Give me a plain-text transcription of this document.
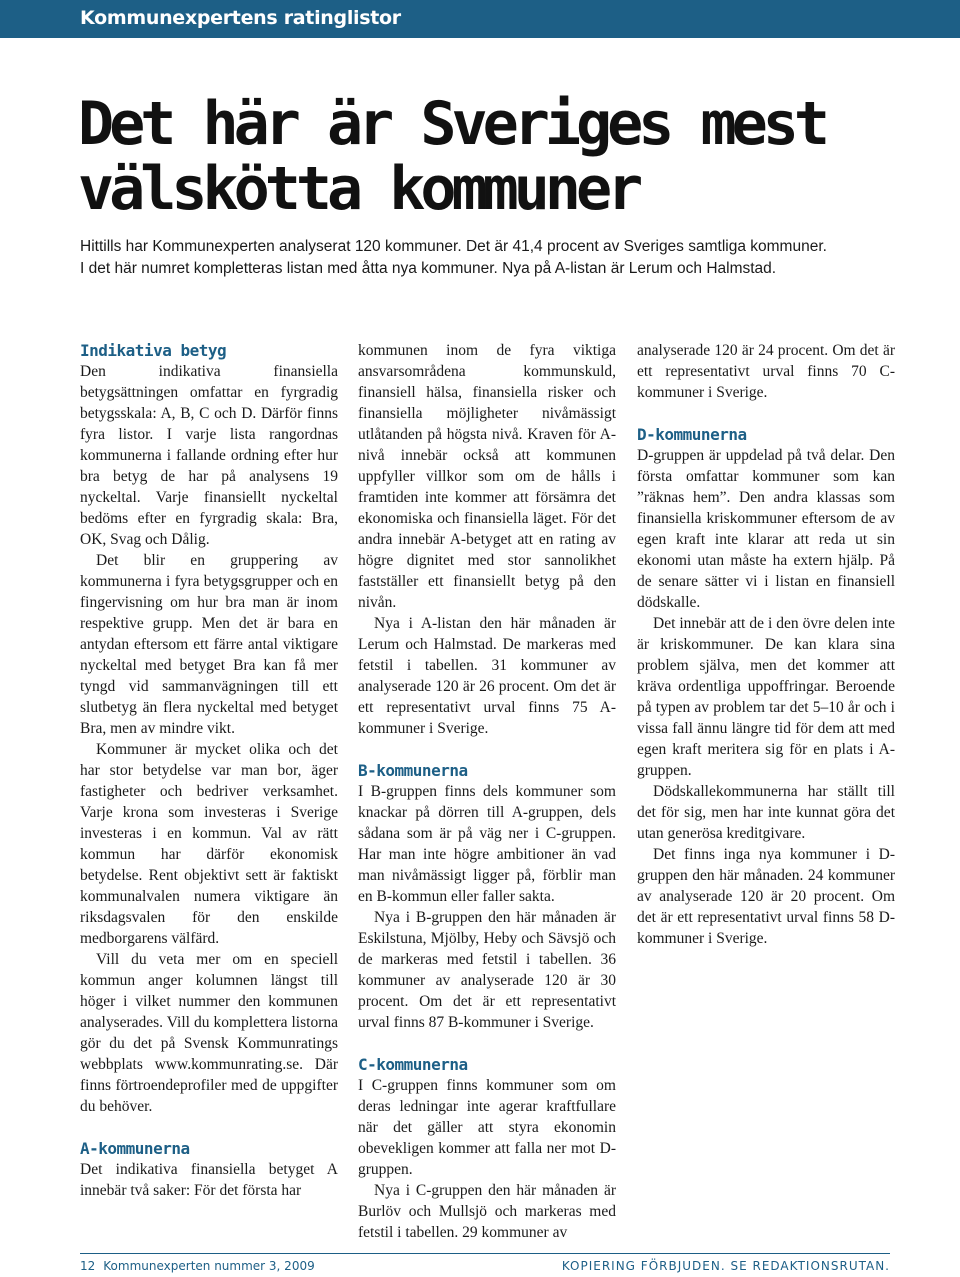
Kommunexpertens ratinglistor
Det här är Sveriges mest
välskötta kommuner
Hittills har Kommunexperten analyserat 120 kommuner. Det är 41,4 procent av Sveriges samtliga kommuner.
I det här numret kompletteras listan med åtta nya kommuner. Nya på A-listan är Lerum och Halmstad.
Indikativa betyg

Den indikativa finansiella betygsättningen omfattar en fyrgradig betygsskala: A, B, C och D. Därför finns fyra listor. I varje lista rangordnas kommunerna i fallande ordning efter hur bra betyg de har på analysens 19 nyckeltal. Varje finansiellt nyckeltal bedöms efter en fyrgradig skala: Bra, OK, Svag och Dålig.

Det blir en gruppering av kommunerna i fyra betygsgrupper och en fingervisning om hur bra man är inom respektive grupp. Men det är bara en antydan eftersom ett färre antal viktigare nyckeltal med betyget Bra kan få mer tyngd vid sammanvägningen till ett slutbetyg än flera nyckeltal med betyget Bra, men av mindre vikt.

Kommuner är mycket olika och det har stor betydelse var man bor, äger fastigheter och bedriver verksamhet. Varje krona som investeras i Sverige investeras i en kommun. Val av rätt kommun har därför ekonomisk betydelse. Rent objektivt sett är faktiskt kommunalvalen numera viktigare än riksdagsvalen för den enskilde medborgarens välfärd.

Vill du veta mer om en speciell kommun anger kolumnen längst till höger i vilket nummer den kommunen analyserades. Vill du komplettera listorna gör du det på Svensk Kommunratings webbplats www.kommunrating.se. Där finns förtroendeprofiler med de uppgifter du behöver.

A-kommunerna

Det indikativa finansiella betyget A innebär två saker: För det första har

kommunen inom de fyra viktiga ansvarsområdena kommunskuld, finansiell hälsa, finansiella risker och finansiella möjligheter nivåmässigt utlåtanden på högsta nivå. Kraven för A-nivå innebär också att kommunen uppfyller villkor som om de hålls i framtiden inte kommer att försämra det ekonomiska och finansiella läget. För det andra innebär A-betyget att en rating av högre dignitet med stor sannolikhet fastställer ett finansiellt betyg på den nivån.

Nya i A-listan den här månaden är Lerum och Halmstad. De markeras med fetstil i tabellen. 31 kommuner av analyserade 120 är 26 procent. Om det är ett representativt urval finns 75 A-kommuner i Sverige.

B-kommunerna

I B-gruppen finns dels kommuner som knackar på dörren till A-gruppen, dels sådana som är på väg ner i C-gruppen. Har man inte högre ambitioner än vad man nivåmässigt ligger på, förblir man en B-kommun eller faller sakta.

Nya i B-gruppen den här månaden är Eskilstuna, Mjölby, Heby och Sävsjö och de markeras med fetstil i tabellen. 36 kommuner av analyserade 120 är 30 procent. Om det är ett representativt urval finns 87 B-kommuner i Sverige.

C-kommunerna

I C-gruppen finns kommuner som om deras ledningar inte agerar kraftfullare när det gäller att styra ekonomin obevekligen kommer att falla ner mot D-gruppen.

Nya i C-gruppen den här månaden är Burlöv och Mullsjö och markeras med fetstil i tabellen. 29 kommuner av

analyserade 120 är 24 procent. Om det är ett representativt urval finns 70 C-kommuner i Sverige.

D-kommunerna

D-gruppen är uppdelad på två delar. Den första omfattar kommuner som kan ”räknas hem”. Den andra klassas som finansiella kriskommuner eftersom de av egen kraft inte klarar att reda ut sin ekonomi utan måste ha extern hjälp. På de senare sätter vi i listan en finansiell dödskalle.

Det innebär att de i den övre delen inte är kriskommuner. De kan klara sina problem själva, men det kommer att kräva ordentliga uppoffringar. Beroende på typen av problem tar det 5–10 år och i vissa fall ännu längre tid för dem att med egen kraft meritera sig för en plats i A-gruppen.

Dödskallekommunerna har ställt till det för sig, men har inte kunnat göra det utan generösa kreditgivare.

Det finns inga nya kommuner i D-gruppen den här månaden. 24 kommuner av analyserade 120 är 20 procent. Om det är ett representativt urval finns 58 D-kommuner i Sverige.

12 Kommunexperten nummer 3, 2009	KOPIERING FÖRBJUDEN. SE REDAKTIONSRUTAN.
